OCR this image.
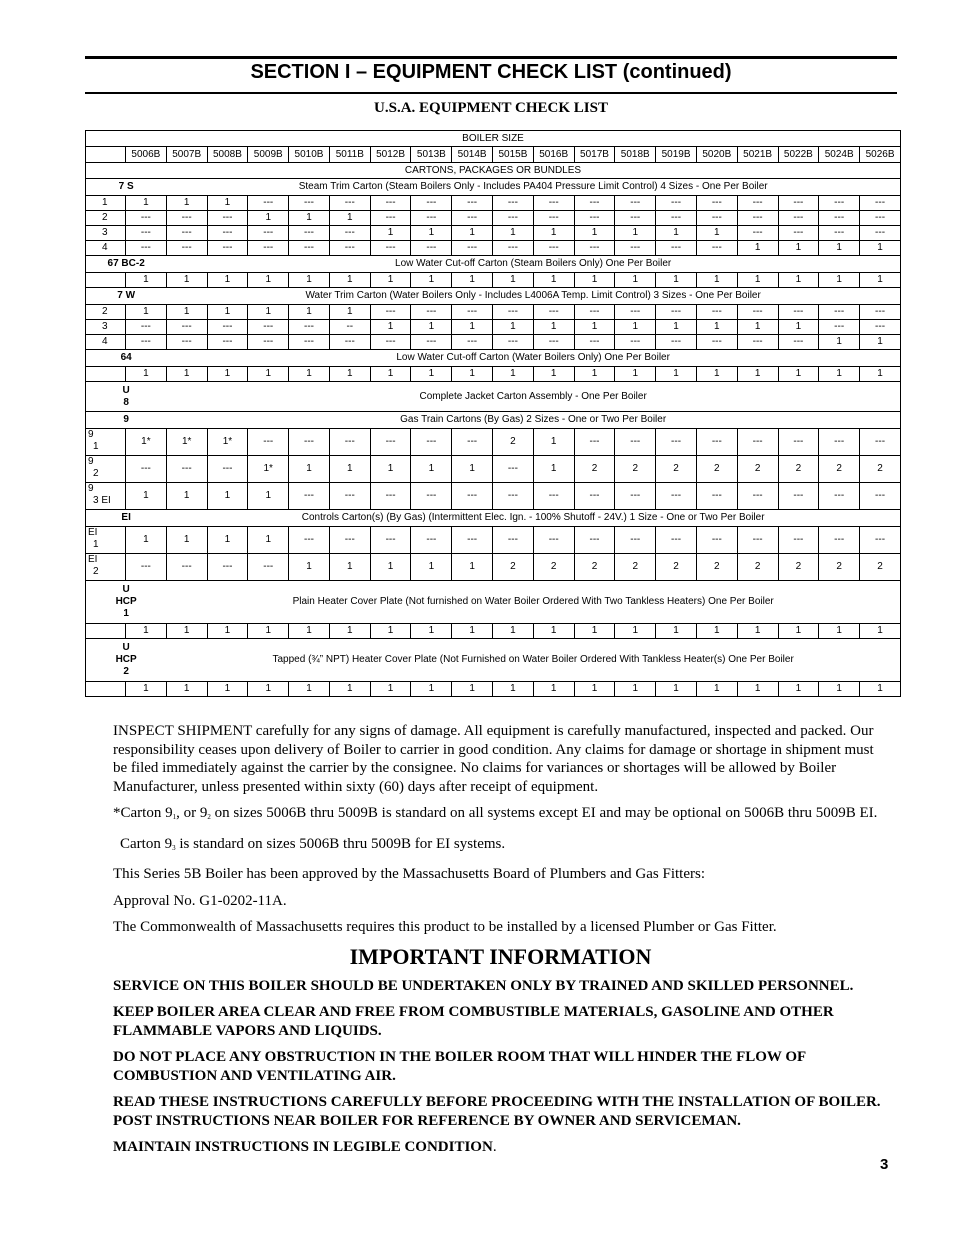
SECTION I – EQUIPMENT CHECK LIST (continued)
U.S.A. EQUIPMENT CHECK LIST
BOILER SIZE																			
	5006B	5007B	5008B	5009B	5010B	5011B	5012B	5013B	5014B	5015B	5016B	5017B	5018B	5019B	5020B	5021B	5022B	5024B	5026B
CARTONS, PACKAGES OR BUNDLES																			

7 S		Steam Trim Carton (Steam Boilers Only - Includes PA404 Pressure Limit Control) 4 Sizes - One Per Boiler																	

1	1	1	1	---	---	---	---	---	---	---	---	---	---	---	---	---	---	---	---

2	---	---	---	1	1	1	---	---	---	---	---	---	---	---	---	---	---	---	---

3	---	---	---	---	---	---	1	1	1	1	1	1	1	1	1	---	---	---	---

4	---	---	---	---	---	---	---	---	---	---	---	---	---	---	---	1	1	1	1

67 BC-2		Low Water Cut-off Carton (Steam Boilers Only) One Per Boiler																	

	1	1	1	1	1	1	1	1	1	1	1	1	1	1	1	1	1	1	1

7 W		Water Trim Carton (Water Boilers Only - Includes L4006A Temp. Limit Control) 3 Sizes - One Per Boiler																	

2	1	1	1	1	1	1	---	---	---	---	---	---	---	---	---	---	---	---	---

3	---	---	---	---	---	--	1	1	1	1	1	1	1	1	1	1	1	---	---

4	---	---	---	---	---	---	---	---	---	---	---	---	---	---	---	---	---	1	1

64		Low Water Cut-off Carton (Water Boilers Only) One Per Boiler																	

	1	1	1	1	1	1	1	1	1	1	1	1	1	1	1	1	1	1	1

U
8		Complete Jacket Carton Assembly - One Per Boiler																	

9		Gas Train Cartons (By Gas) 2 Sizes - One or Two Per Boiler																	

9
1	1*	1*	1*	---	---	---	---	---	---	2	1	---	---	---	---	---	---	---	---

9
2	---	---	---	1*	1	1	1	1	1	---	1	2	2	2	2	2	2	2	2

9
3 EI	1	1	1	1	---	---	---	---	---	---	---	---	---	---	---	---	---	---	---

EI		Controls Carton(s) (By Gas) (Intermittent Elec. Ign. - 100% Shutoff - 24V.) 1 Size - One or Two Per Boiler																	

EI
1	1	1	1	1	---	---	---	---	---	---	---	---	---	---	---	---	---	---	---

EI
2	---	---	---	---	1	1	1	1	1	2	2	2	2	2	2	2	2	2	2

U
HCP
1		Plain Heater Cover Plate (Not furnished on Water Boiler Ordered With Two Tankless Heaters) One Per Boiler																	

	1	1	1	1	1	1	1	1	1	1	1	1	1	1	1	1	1	1	1

U
HCP
2		Tapped (¾” NPT) Heater Cover Plate (Not Furnished on Water Boiler Ordered With Tankless Heater(s) One Per Boiler																	

	1	1	1	1	1	1	1	1	1	1	1	1	1	1	1	1	1	1	1

INSPECT SHIPMENT carefully for any signs of damage. All equipment is carefully manufactured, inspected and packed. Our responsibility ceases upon delivery of Boiler to carrier in good condition. Any claims for damage or shortage in shipment must be filed immediately against the carrier by the consignee. No claims for variances or shortages will be allowed by Boiler Manufacturer, unless presented within sixty (60) days after receipt of equipment.

*Carton $9_1$, or $9_2$ on sizes 5006B thru 5009B is standard on all systems except EI and may be optional on 5006B thru 5009B EI.

Carton $9_3$ is standard on sizes 5006B thru 5009B for EI systems.

This Series 5B Boiler has been approved by the Massachusetts Board of Plumbers and Gas Fitters:

Approval No. G1-0202-11A.

The Commonwealth of Massachusetts requires this product to be installed by a licensed Plumber or Gas Fitter.

IMPORTANT INFORMATION

SERVICE ON THIS BOILER SHOULD BE UNDERTAKEN ONLY BY TRAINED AND SKILLED PERSONNEL.

KEEP BOILER AREA CLEAR AND FREE FROM COMBUSTIBLE MATERIALS, GASOLINE AND OTHER FLAMMABLE VAPORS AND LIQUIDS.

DO NOT PLACE ANY OBSTRUCTION IN THE BOILER ROOM THAT WILL HINDER THE FLOW OF COMBUSTION AND VENTILATING AIR.

READ THESE INSTRUCTIONS CAREFULLY BEFORE PROCEEDING WITH THE INSTALLATION OF BOILER. POST INSTRUCTIONS NEAR BOILER FOR REFERENCE BY OWNER AND SERVICEMAN.

MAINTAIN INSTRUCTIONS IN LEGIBLE CONDITION.

3
